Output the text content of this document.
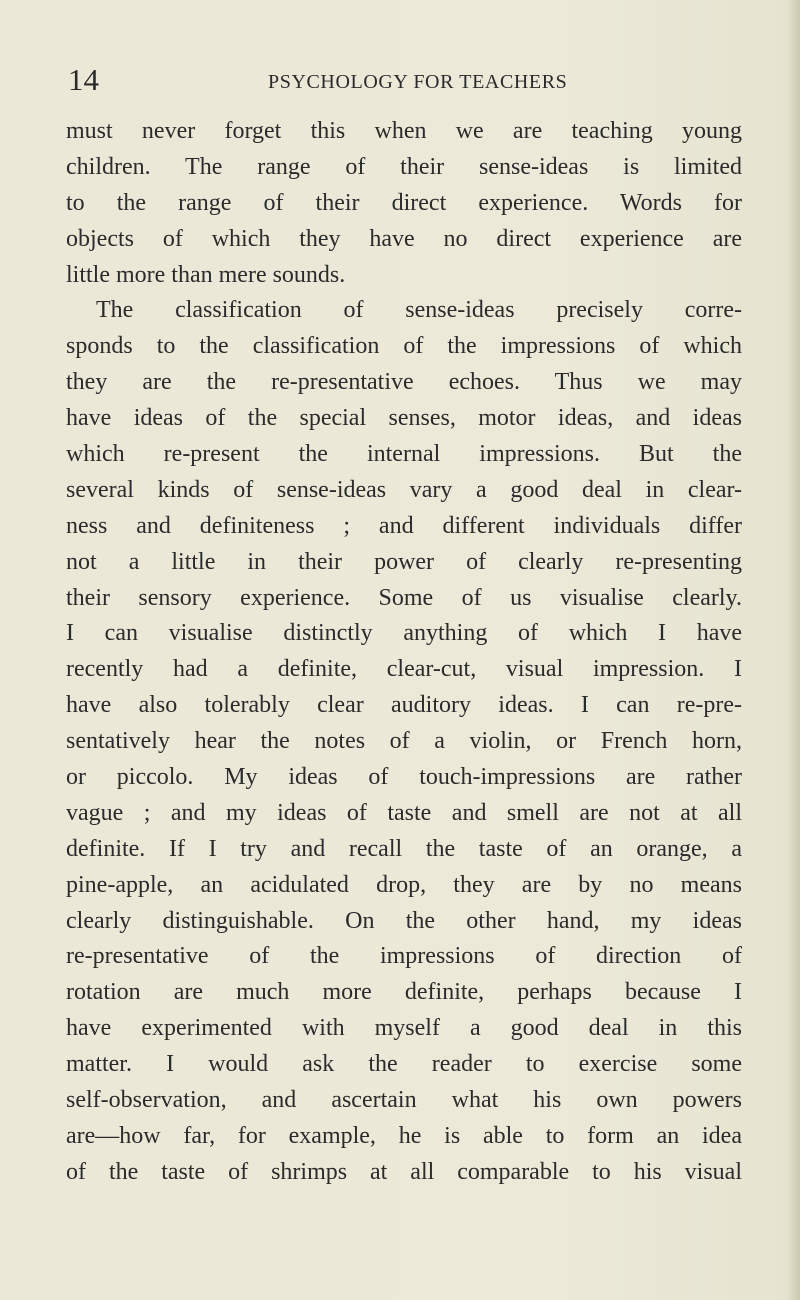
14	PSYCHOLOGY FOR TEACHERS
must never forget this when we are teaching young
children. The range of their sense-ideas is limited
to the range of their direct experience. Words for
objects of which they have no direct experience are
little more than mere sounds.
The classification of sense-ideas precisely corre-
sponds to the classification of the impressions of which
they are the re-presentative echoes. Thus we may
have ideas of the special senses, motor ideas, and ideas
which re-present the internal impressions. But the
several kinds of sense-ideas vary a good deal in clear-
ness and definiteness ; and different individuals differ
not a little in their power of clearly re-presenting
their sensory experience. Some of us visualise clearly.
I can visualise distinctly anything of which I have
recently had a definite, clear-cut, visual impression. I
have also tolerably clear auditory ideas. I can re-pre-
sentatively hear the notes of a violin, or French horn,
or piccolo. My ideas of touch-impressions are rather
vague ; and my ideas of taste and smell are not at all
definite. If I try and recall the taste of an orange, a
pine-apple, an acidulated drop, they are by no means
clearly distinguishable. On the other hand, my ideas
re-presentative of the impressions of direction of
rotation are much more definite, perhaps because I
have experimented with myself a good deal in this
matter. I would ask the reader to exercise some
self-observation, and ascertain what his own powers
are—how far, for example, he is able to form an idea
of the taste of shrimps at all comparable to his visual
